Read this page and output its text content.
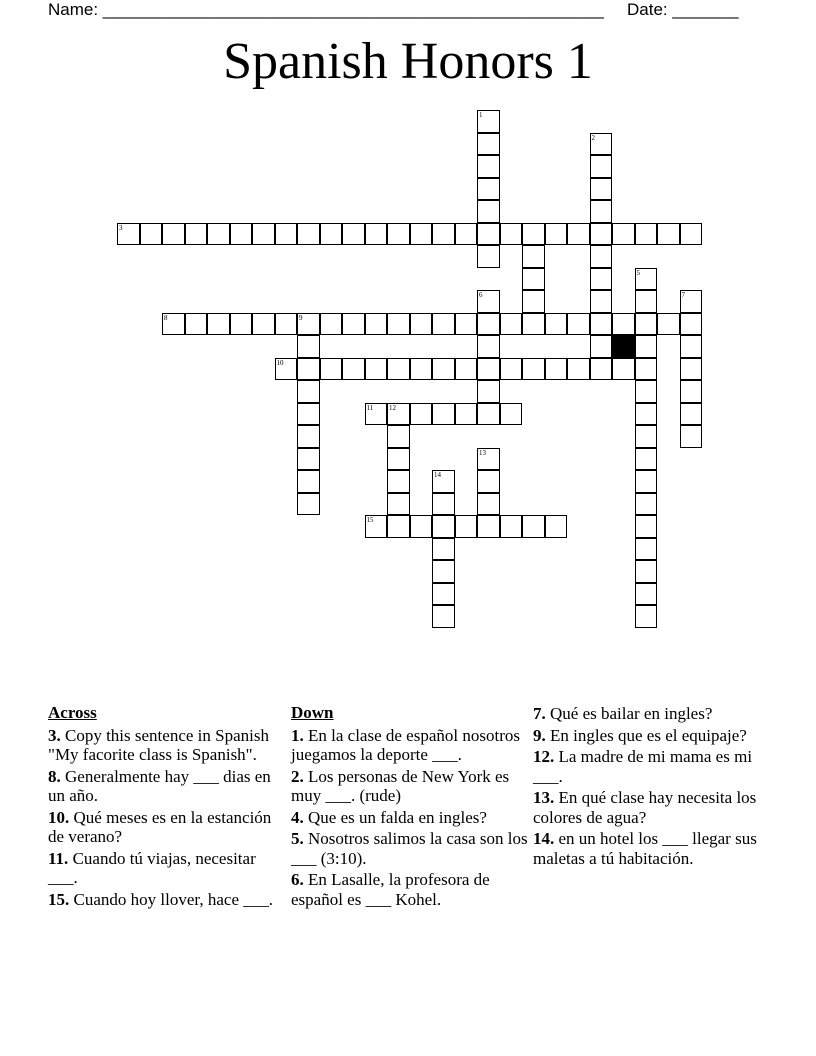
Name: _____________________________________________________ Date: _______
Spanish Honors 1
1
2
3
5
6	7
8	9
10
11 12
13
14
15
Across
3. Copy this sentence in Spanish "My facorite class is Spanish".
8. Generalmente hay ___ dias en un año.
10. Qué meses es en la estanción de verano?
11. Cuando tú viajas, necesitar ___.
15. Cuando hoy llover, hace ___.
Down
1. En la clase de español nosotros juegamos la deporte ___.
2. Los personas de New York es muy ___. (rude)
4. Que es un falda en ingles?
5. Nosotros salimos la casa son los ___ (3:10).
6. En Lasalle, la profesora de español es ___ Kohel.
7. Qué es bailar en ingles?
9. En ingles que es el equipaje?
12. La madre de mi mama es mi ___.
13. En qué clase hay necesita los colores de agua?
14. en un hotel los ___ llegar sus maletas a tú habitación.
